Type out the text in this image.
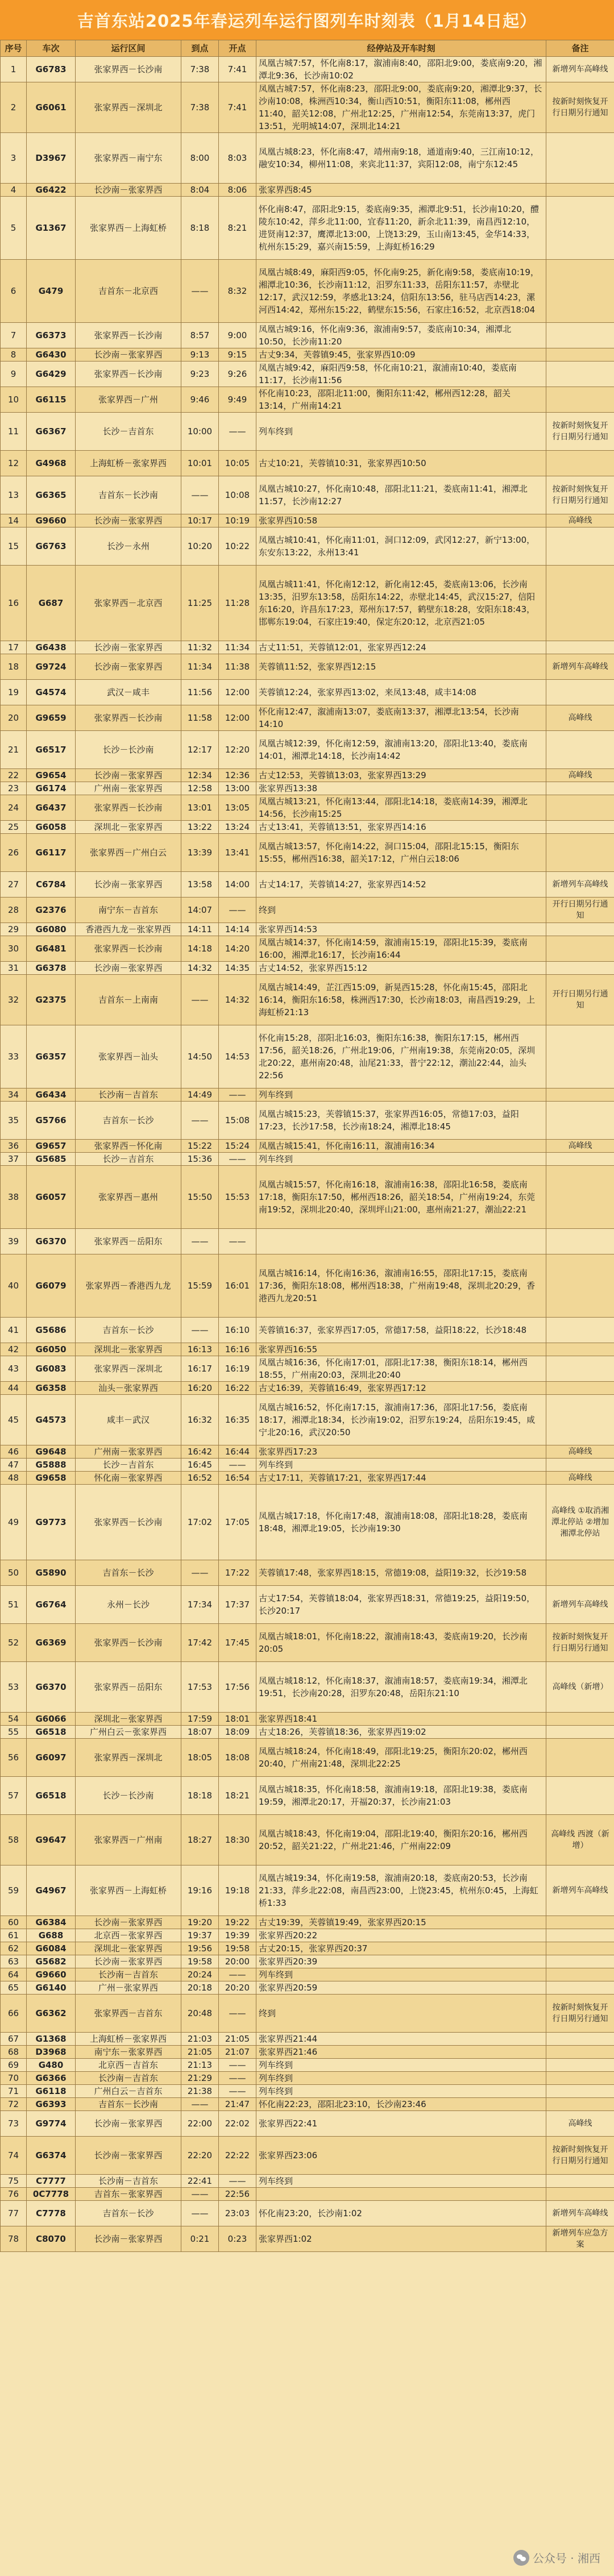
吉首东站2025年春运列车运行图列车时刻表（1月14日起）
序号	车次	运行区间	到点	开点	经停站及开车时刻	备注
1	G6783	张家界西－长沙南	7:38	7:41	凤凰古城7:57，怀化南8:17，溆浦南8:40，邵阳北9:00，娄底南9:20，湘潭北9:36，长沙南10:02	新增列车高峰线
2	G6061	张家界西－深圳北	7:38	7:41	凤凰古城7:57，怀化南8:23，邵阳北9:00，娄底南9:20，湘潭北9:37，长沙南10:08，株洲西10:34，衡山西10:51，衡阳东11:08，郴州西11:40，韶关12:08，广州北12:25，广州南12:54，东莞南13:37，虎门13:51，光明城14:07，深圳北14:21	按新时刻恢复开行日期另行通知
3	D3967	张家界西－南宁东	8:00	8:03	凤凰古城8:23，怀化南8:47，靖州南9:18，通道南9:40，三江南10:12，融安10:34，柳州11:08，来宾北11:37，宾阳12:08，南宁东12:45	
4	G6422	长沙南－张家界西	8:04	8:06	张家界西8:45	
5	G1367	张家界西－上海虹桥	8:18	8:21	怀化南8:47，邵阳北9:15，娄底南9:35，湘潭北9:51，长沙南10:20，醴陵东10:42，萍乡北11:00，宜春11:20，新余北11:39，南昌西12:10，进贤南12:37，鹰潭北13:00，上饶13:29，玉山南13:45，金华14:33，杭州东15:29，嘉兴南15:59，上海虹桥16:29	
6	G479	吉首东－北京西	——	8:32	凤凰古城8:49，麻阳西9:05，怀化南9:25，新化南9:58，娄底南10:19，湘潭北10:36，长沙南11:12，汨罗东11:33，岳阳东11:57，赤壁北12:17，武汉12:59，孝感北13:24，信阳东13:56，驻马店西14:23，漯河西14:42，郑州东15:22，鹤壁东15:56，石家庄16:52，北京西18:04	
7	G6373	张家界西－长沙南	8:57	9:00	凤凰古城9:16，怀化南9:36，溆浦南9:57，娄底南10:34，湘潭北10:50，长沙南11:20	
8	G6430	长沙南－张家界西	9:13	9:15	古丈9:34，芙蓉镇9:45，张家界西10:09	
9	G6429	张家界西－长沙南	9:23	9:26	凤凰古城9:42，麻阳西9:58，怀化南10:21，溆浦南10:40，娄底南11:17，长沙南11:56	
10	G6115	张家界西－广州	9:46	9:49	怀化南10:23，邵阳北11:00，衡阳东11:42，郴州西12:28，韶关13:14，广州南14:21	
11	G6367	长沙－吉首东	10:00	——	列车终到	按新时刻恢复开行日期另行通知
12	G4968	上海虹桥－张家界西	10:01	10:05	古丈10:21，芙蓉镇10:31，张家界西10:50	
13	G6365	吉首东－长沙南	——	10:08	凤凰古城10:27，怀化南10:48，邵阳北11:21，娄底南11:41，湘潭北11:57，长沙南12:27	按新时刻恢复开行日期另行通知
14	G9660	长沙南－张家界西	10:17	10:19	张家界西10:58	高峰线
15	G6763	长沙－永州	10:20	10:22	凤凰古城10:41，怀化南11:01，洞口12:09，武冈12:27，新宁13:00，东安东13:22，永州13:41	
16	G687	张家界西－北京西	11:25	11:28	凤凰古城11:41，怀化南12:12，新化南12:45，娄底南13:06，长沙南13:35，汨罗东13:58，岳阳东14:22，赤壁北14:45，武汉15:27，信阳东16:20，许昌东17:23，郑州东17:57，鹤壁东18:28，安阳东18:43，邯郸东19:04，石家庄19:40，保定东20:12，北京西21:05	
17	G6438	长沙南－张家界西	11:32	11:34	古丈11:51，芙蓉镇12:01，张家界西12:24	
18	G9724	长沙南－张家界西	11:34	11:38	芙蓉镇11:52，张家界西12:15	新增列车高峰线
19	G4574	武汉－咸丰	11:56	12:00	芙蓉镇12:24，张家界西13:02，来凤13:48，咸丰14:08	
20	G9659	张家界西－长沙南	11:58	12:00	怀化南12:47，溆浦南13:07，娄底南13:37，湘潭北13:54，长沙南14:10	高峰线
21	G6517	长沙－长沙南	12:17	12:20	凤凰古城12:39，怀化南12:59，溆浦南13:20，邵阳北13:40，娄底南14:01，湘潭北14:18，长沙南14:42	
22	G9654	长沙南－张家界西	12:34	12:36	古丈12:53，芙蓉镇13:03，张家界西13:29	高峰线
23	G6174	广州南－张家界西	12:58	13:00	张家界西13:38	
24	G6437	张家界西－长沙南	13:01	13:05	凤凰古城13:21，怀化南13:44，邵阳北14:18，娄底南14:39，湘潭北14:56，长沙南15:25	
25	G6058	深圳北－张家界西	13:22	13:24	古丈13:41，芙蓉镇13:51，张家界西14:16	
26	G6117	张家界西－广州白云	13:39	13:41	凤凰古城13:57，怀化南14:22，洞口15:04，邵阳北15:15，衡阳东15:55，郴州西16:38，韶关17:12，广州白云18:06	
27	C6784	长沙南－张家界西	13:58	14:00	古丈14:17，芙蓉镇14:27，张家界西14:52	新增列车高峰线
28	G2376	南宁东－吉首东	14:07	——	终到	开行日期另行通知
29	G6080	香港西九龙－张家界西	14:11	14:14	张家界西14:53	
30	G6481	张家界西－长沙南	14:18	14:20	凤凰古城14:37，怀化南14:59，溆浦南15:19，邵阳北15:39，娄底南16:00，湘潭北16:17，长沙南16:44	
31	G6378	长沙南－张家界西	14:32	14:35	古丈14:52，张家界西15:12	
32	G2375	吉首东－上南南	——	14:32	凤凰古城14:49，芷江西15:09，新晃西15:28，怀化南15:45，邵阳北16:14，衡阳东16:58，株洲西17:30，长沙南18:03，南昌西19:29，上海虹桥21:13	开行日期另行通知
33	G6357	张家界西－汕头	14:50	14:53	怀化南15:28，邵阳北16:03，衡阳东16:38，衡阳东17:15，郴州西17:56，韶关18:26，广州北19:06，广州南19:38，东莞南20:05，深圳北20:22，惠州南20:48，汕尾21:33，普宁22:12，潮汕22:44，汕头22:56	
34	G6434	长沙南－吉首东	14:49	——	列车终到	
35	G5766	吉首东－长沙	——	15:08	凤凰古城15:23，芙蓉镇15:37，张家界西16:05，常德17:03，益阳17:23，长沙17:58，长沙南18:24，湘潭北18:45	
36	G9657	张家界西－怀化南	15:22	15:24	凤凰古城15:41，怀化南16:11，溆浦南16:34	高峰线
37	G5685	长沙－吉首东	15:36	——	列车终到	
38	G6057	张家界西－惠州	15:50	15:53	凤凰古城15:57，怀化南16:18，溆浦南16:38，邵阳北16:58，娄底南17:18，衡阳东17:50，郴州西18:26，韶关18:54，广州南19:24，东莞南19:52，深圳北20:40，深圳坪山21:00，惠州南21:27，潮汕22:21	
39	G6370	张家界西－岳阳东	——	——		
40	G6079	张家界西－香港西九龙	15:59	16:01	凤凰古城16:14，怀化南16:36，溆浦南16:55，邵阳北17:15，娄底南17:36，衡阳东18:08，郴州西18:38，广州南19:48，深圳北20:29，香港西九龙20:51	
41	G5686	吉首东－长沙	——	16:10	芙蓉镇16:37，张家界西17:05，常德17:58，益阳18:22，长沙18:48	
42	G6050	深圳北－张家界西	16:13	16:16	张家界西16:55	
43	G6083	张家界西－深圳北	16:17	16:19	凤凰古城16:36，怀化南17:01，邵阳北17:38，衡阳东18:14，郴州西18:55，广州南20:03，深圳北20:40	
44	G6358	汕头－张家界西	16:20	16:22	古丈16:39，芙蓉镇16:49，张家界西17:12	
45	G4573	咸丰－武汉	16:32	16:35	凤凰古城16:52，怀化南17:15，溆浦南17:36，邵阳北17:56，娄底南18:17，湘潭北18:34，长沙南19:02，汨罗东19:24，岳阳东19:45，咸宁北20:16，武汉20:50	
46	G9648	广州南－张家界西	16:42	16:44	张家界西17:23	高峰线
47	G5888	长沙－吉首东	16:45	——	列车终到	
48	G9658	怀化南－张家界西	16:52	16:54	古丈17:11，芙蓉镇17:21，张家界西17:44	高峰线
49	G9773	张家界西－长沙南	17:02	17:05	凤凰古城17:18，怀化南17:48，溆浦南18:08，邵阳北18:28，娄底南18:48，湘潭北19:05，长沙南19:30	高峰线 ①取消湘潭北停站 ②增加湘潭北停站
50	G5890	吉首东－长沙	——	17:22	芙蓉镇17:48，张家界西18:15，常德19:08，益阳19:32，长沙19:58	
51	G6764	永州－长沙	17:34	17:37	古丈17:54，芙蓉镇18:04，张家界西18:31，常德19:25，益阳19:50，长沙20:17	新增列车高峰线
52	G6369	张家界西－长沙南	17:42	17:45	凤凰古城18:01，怀化南18:22，溆浦南18:43，娄底南19:20，长沙南20:05	按新时刻恢复开行日期另行通知
53	G6370	张家界西－岳阳东	17:53	17:56	凤凰古城18:12，怀化南18:37，溆浦南18:57，娄底南19:34，湘潭北19:51，长沙南20:28，汨罗东20:48，岳阳东21:10	高峰线（新增）
54	G6066	深圳北－张家界西	17:59	18:01	张家界西18:41	
55	G6518	广州白云－张家界西	18:07	18:09	古丈18:26，芙蓉镇18:36，张家界西19:02	
56	G6097	张家界西－深圳北	18:05	18:08	凤凰古城18:24，怀化南18:49，邵阳北19:25，衡阳东20:02，郴州西20:40，广州南21:48，深圳北22:25	
57	G6518	长沙－长沙南	18:18	18:21	凤凰古城18:35，怀化南18:58，溆浦南19:18，邵阳北19:38，娄底南19:59，湘潭北20:17，开福20:37，长沙南21:03	
58	G9647	张家界西－广州南	18:27	18:30	凤凰古城18:43，怀化南19:04，邵阳北19:40，衡阳东20:16，郴州西20:52，韶关21:22，广州北21:46，广州南22:09	高峰线 西渡（新增）
59	G4967	张家界西－上海虹桥	19:16	19:18	凤凰古城19:34，怀化南19:58，溆浦南20:18，娄底南20:53，长沙南21:33，萍乡北22:08，南昌西23:00，上饶23:45，杭州东0:45，上海虹桥1:33	新增列车高峰线
60	G6384	长沙南－张家界西	19:20	19:22	古丈19:39，芙蓉镇19:49，张家界西20:15	
61	G688	北京西－张家界西	19:37	19:39	张家界西20:22	
62	G6084	深圳北－张家界西	19:56	19:58	古丈20:15，张家界西20:37	
63	G5682	长沙南－张家界西	19:58	20:00	张家界西20:39	
64	G9660	长沙南－吉首东	20:24	——	列车终到	
65	G6140	广州－张家界西	20:18	20:20	张家界西20:59	
66	G6362	张家界西－吉首东	20:48	——	终到	按新时刻恢复开行日期另行通知
67	G1368	上海虹桥－张家界西	21:03	21:05	张家界西21:44	
68	D3968	南宁东－张家界西	21:05	21:07	张家界西21:46	
69	G480	北京西－吉首东	21:13	——	列车终到	
70	G6366	长沙南－吉首东	21:29	——	列车终到	
71	G6118	广州白云－吉首东	21:38	——	列车终到	
72	G6393	吉首东－长沙南	——	21:47	怀化南22:23，邵阳北23:10，长沙南23:46	
73	G9774	长沙南－张家界西	22:00	22:02	张家界西22:41	高峰线
74	G6374	长沙南－张家界西	22:20	22:22	张家界西23:06	按新时刻恢复开行日期另行通知
75	C7777	长沙南－吉首东	22:41	——	列车终到	
76	0C7778	吉首东－张家界西	——	22:56		
77	C7778	吉首东－长沙	——	23:03	怀化南23:20，长沙南1:02	新增列车高峰线
78	C8070	长沙南－张家界西	0:21	0:23	张家界西1:02	新增列车应急方案
公众号 · 湘西
